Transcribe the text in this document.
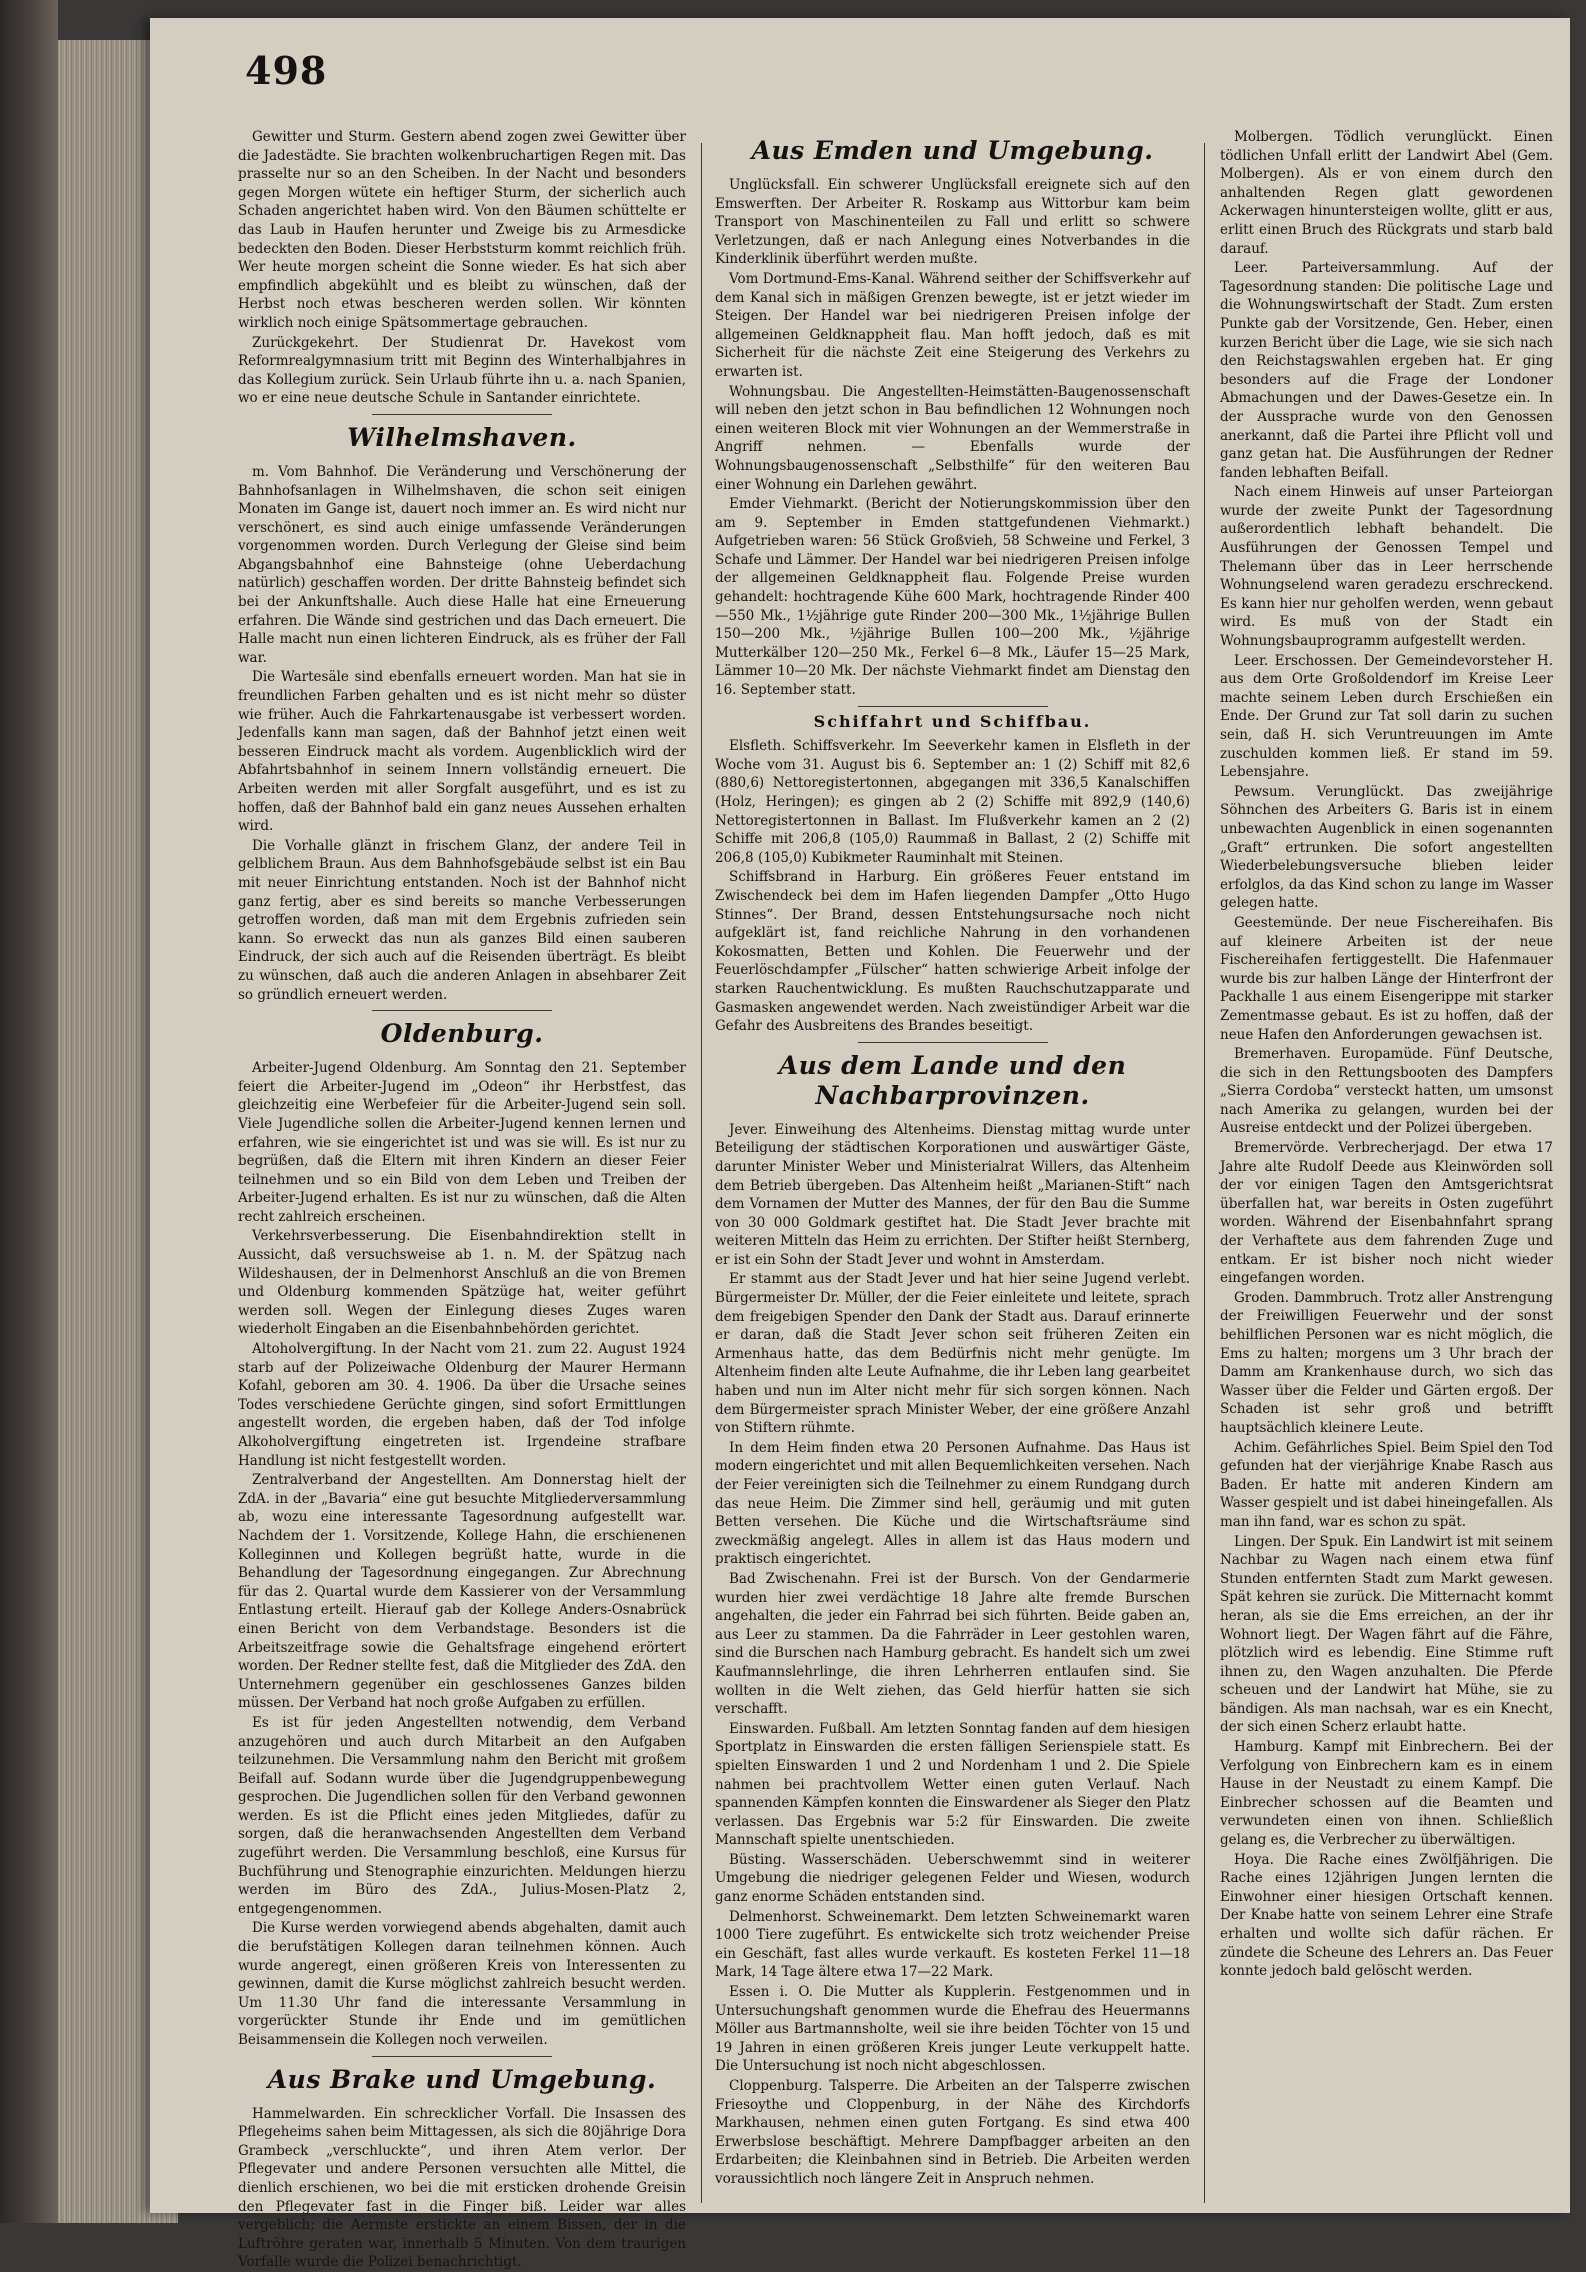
498

Gewitter und Sturm. Gestern abend zogen zwei Gewitter über die Jadestädte. Sie brachten wolkenbruchartigen Regen mit. Das prasselte nur so an den Scheiben. In der Nacht und besonders gegen Morgen wütete ein heftiger Sturm, der sicherlich auch Schaden angerichtet haben wird. Von den Bäumen schüttelte er das Laub in Haufen herunter und Zweige bis zu Armesdicke bedeckten den Boden. Dieser Herbststurm kommt reichlich früh. Wer heute morgen scheint die Sonne wieder. Es hat sich aber empfindlich abgekühlt und es bleibt zu wünschen, daß der Herbst noch etwas bescheren werden sollen. Wir könnten wirklich noch einige Spätsommertage gebrauchen.

Zurückgekehrt. Der Studienrat Dr. Havekost vom Reformrealgymnasium tritt mit Beginn des Winterhalbjahres in das Kollegium zurück. Sein Urlaub führte ihn u. a. nach Spanien, wo er eine neue deutsche Schule in Santander einrichtete.

Wilhelmshaven.

m. Vom Bahnhof. Die Veränderung und Verschönerung der Bahnhofsanlagen in Wilhelmshaven, die schon seit einigen Monaten im Gange ist, dauert noch immer an. Es wird nicht nur verschönert, es sind auch einige umfassende Veränderungen vorgenommen worden. Durch Verlegung der Gleise sind beim Abgangsbahnhof eine Bahnsteige (ohne Ueberdachung natürlich) geschaffen worden. Der dritte Bahnsteig befindet sich bei der Ankunftshalle. Auch diese Halle hat eine Erneuerung erfahren. Die Wände sind gestrichen und das Dach erneuert. Die Halle macht nun einen lichteren Eindruck, als es früher der Fall war.

Die Wartesäle sind ebenfalls erneuert worden. Man hat sie in freundlichen Farben gehalten und es ist nicht mehr so düster wie früher. Auch die Fahrkartenausgabe ist verbessert worden. Jedenfalls kann man sagen, daß der Bahnhof jetzt einen weit besseren Eindruck macht als vordem. Augenblicklich wird der Abfahrtsbahnhof in seinem Innern vollständig erneuert. Die Arbeiten werden mit aller Sorgfalt ausgeführt, und es ist zu hoffen, daß der Bahnhof bald ein ganz neues Aussehen erhalten wird.

Die Vorhalle glänzt in frischem Glanz, der andere Teil in gelblichem Braun. Aus dem Bahnhofsgebäude selbst ist ein Bau mit neuer Einrichtung entstanden. Noch ist der Bahnhof nicht ganz fertig, aber es sind bereits so manche Verbesserungen getroffen worden, daß man mit dem Ergebnis zufrieden sein kann. So erweckt das nun als ganzes Bild einen sauberen Eindruck, der sich auch auf die Reisenden überträgt. Es bleibt zu wünschen, daß auch die anderen Anlagen in absehbarer Zeit so gründlich erneuert werden.

Oldenburg.

Arbeiter-Jugend Oldenburg. Am Sonntag den 21. September feiert die Arbeiter-Jugend im „Odeon“ ihr Herbstfest, das gleichzeitig eine Werbefeier für die Arbeiter-Jugend sein soll. Viele Jugendliche sollen die Arbeiter-Jugend kennen lernen und erfahren, wie sie eingerichtet ist und was sie will. Es ist nur zu begrüßen, daß die Eltern mit ihren Kindern an dieser Feier teilnehmen und so ein Bild von dem Leben und Treiben der Arbeiter-Jugend erhalten. Es ist nur zu wünschen, daß die Alten recht zahlreich erscheinen.

Verkehrsverbesserung. Die Eisenbahndirektion stellt in Aussicht, daß versuchsweise ab 1. n. M. der Spätzug nach Wildeshausen, der in Delmenhorst Anschluß an die von Bremen und Oldenburg kommenden Spätzüge hat, weiter geführt werden soll. Wegen der Einlegung dieses Zuges waren wiederholt Eingaben an die Eisenbahnbehörden gerichtet.

Altoholvergiftung. In der Nacht vom 21. zum 22. August 1924 starb auf der Polizeiwache Oldenburg der Maurer Hermann Kofahl, geboren am 30. 4. 1906. Da über die Ursache seines Todes verschiedene Gerüchte gingen, sind sofort Ermittlungen angestellt worden, die ergeben haben, daß der Tod infolge Alkoholvergiftung eingetreten ist. Irgendeine strafbare Handlung ist nicht festgestellt worden.

Zentralverband der Angestellten. Am Donnerstag hielt der ZdA. in der „Bavaria“ eine gut besuchte Mitgliederversammlung ab, wozu eine interessante Tagesordnung aufgestellt war. Nachdem der 1. Vorsitzende, Kollege Hahn, die erschienenen Kolleginnen und Kollegen begrüßt hatte, wurde in die Behandlung der Tagesordnung eingegangen. Zur Abrechnung für das 2. Quartal wurde dem Kassierer von der Versammlung Entlastung erteilt. Hierauf gab der Kollege Anders-Osnabrück einen Bericht von dem Verbandstage. Besonders ist die Arbeitszeitfrage sowie die Gehaltsfrage eingehend erörtert worden. Der Redner stellte fest, daß die Mitglieder des ZdA. den Unternehmern gegenüber ein geschlossenes Ganzes bilden müssen. Der Verband hat noch große Aufgaben zu erfüllen.

Es ist für jeden Angestellten notwendig, dem Verband anzugehören und auch durch Mitarbeit an den Aufgaben teilzunehmen. Die Versammlung nahm den Bericht mit großem Beifall auf. Sodann wurde über die Jugendgruppenbewegung gesprochen. Die Jugendlichen sollen für den Verband gewonnen werden. Es ist die Pflicht eines jeden Mitgliedes, dafür zu sorgen, daß die heranwachsenden Angestellten dem Verband zugeführt werden. Die Versammlung beschloß, eine Kursus für Buchführung und Stenographie einzurichten. Meldungen hierzu werden im Büro des ZdA., Julius-Mosen-Platz 2, entgegengenommen.

Die Kurse werden vorwiegend abends abgehalten, damit auch die berufstätigen Kollegen daran teilnehmen können. Auch wurde angeregt, einen größeren Kreis von Interessenten zu gewinnen, damit die Kurse möglichst zahlreich besucht werden. Um 11.30 Uhr fand die interessante Versammlung in vorgerückter Stunde ihr Ende und im gemütlichen Beisammensein die Kollegen noch verweilen.

Aus Brake und Umgebung.

Hammelwarden. Ein schrecklicher Vorfall. Die Insassen des Pflegeheims sahen beim Mittagessen, als sich die 80jährige Dora Grambeck „verschluckte“, und ihren Atem verlor. Der Pflegevater und andere Personen versuchten alle Mittel, die dienlich erschienen, wo bei die mit ersticken drohende Greisin den Pflegevater fast in die Finger biß. Leider war alles vergeblich; die Aermste erstickte an einem Bissen, der in die Luftröhre geraten war, innerhalb 5 Minuten. Von dem traurigen Vorfalle wurde die Polizei benachrichtigt.

Aus Emden und Umgebung.

Unglücksfall. Ein schwerer Unglücksfall ereignete sich auf den Emswerften. Der Arbeiter R. Roskamp aus Wittorbur kam beim Transport von Maschinenteilen zu Fall und erlitt so schwere Verletzungen, daß er nach Anlegung eines Notverbandes in die Kinderklinik überführt werden mußte.

Vom Dortmund-Ems-Kanal. Während seither der Schiffsverkehr auf dem Kanal sich in mäßigen Grenzen bewegte, ist er jetzt wieder im Steigen. Der Handel war bei niedrigeren Preisen infolge der allgemeinen Geldknappheit flau. Man hofft jedoch, daß es mit Sicherheit für die nächste Zeit eine Steigerung des Verkehrs zu erwarten ist.

Wohnungsbau. Die Angestellten-Heimstätten-Baugenossenschaft will neben den jetzt schon in Bau befindlichen 12 Wohnungen noch einen weiteren Block mit vier Wohnungen an der Wemmerstraße in Angriff nehmen. — Ebenfalls wurde der Wohnungsbaugenossenschaft „Selbsthilfe“ für den weiteren Bau einer Wohnung ein Darlehen gewährt.

Emder Viehmarkt. (Bericht der Notierungskommission über den am 9. September in Emden stattgefundenen Viehmarkt.) Aufgetrieben waren: 56 Stück Großvieh, 58 Schweine und Ferkel, 3 Schafe und Lämmer. Der Handel war bei niedrigeren Preisen infolge der allgemeinen Geldknappheit flau. Folgende Preise wurden gehandelt: hochtragende Kühe 600 Mark, hochtragende Rinder 400—550 Mk., 1½jährige gute Rinder 200—300 Mk., 1½jährige Bullen 150—200 Mk., ½jährige Bullen 100—200 Mk., ½jährige Mutterkälber 120—250 Mk., Ferkel 6—8 Mk., Läufer 15—25 Mark, Lämmer 10—20 Mk. Der nächste Viehmarkt findet am Dienstag den 16. September statt.

Schiffahrt und Schiffbau.

Elsfleth. Schiffsverkehr. Im Seeverkehr kamen in Elsfleth in der Woche vom 31. August bis 6. September an: 1 (2) Schiff mit 82,6 (880,6) Nettoregistertonnen, abgegangen mit 336,5 Kanalschiffen (Holz, Heringen); es gingen ab 2 (2) Schiffe mit 892,9 (140,6) Nettoregistertonnen in Ballast. Im Flußverkehr kamen an 2 (2) Schiffe mit 206,8 (105,0) Raummaß in Ballast, 2 (2) Schiffe mit 206,8 (105,0) Kubikmeter Rauminhalt mit Steinen.

Schiffsbrand in Harburg. Ein größeres Feuer entstand im Zwischendeck bei dem im Hafen liegenden Dampfer „Otto Hugo Stinnes“. Der Brand, dessen Entstehungsursache noch nicht aufgeklärt ist, fand reichliche Nahrung in den vorhandenen Kokosmatten, Betten und Kohlen. Die Feuerwehr und der Feuerlöschdampfer „Fülscher“ hatten schwierige Arbeit infolge der starken Rauchentwicklung. Es mußten Rauchschutzapparate und Gasmasken angewendet werden. Nach zweistündiger Arbeit war die Gefahr des Ausbreitens des Brandes beseitigt.

Aus dem Lande und den Nachbarprovinzen.

Jever. Einweihung des Altenheims. Dienstag mittag wurde unter Beteiligung der städtischen Korporationen und auswärtiger Gäste, darunter Minister Weber und Ministerialrat Willers, das Altenheim dem Betrieb übergeben. Das Altenheim heißt „Marianen-Stift“ nach dem Vornamen der Mutter des Mannes, der für den Bau die Summe von 30 000 Goldmark gestiftet hat. Die Stadt Jever brachte mit weiteren Mitteln das Heim zu errichten. Der Stifter heißt Sternberg, er ist ein Sohn der Stadt Jever und wohnt in Amsterdam.

Er stammt aus der Stadt Jever und hat hier seine Jugend verlebt. Bürgermeister Dr. Müller, der die Feier einleitete und leitete, sprach dem freigebigen Spender den Dank der Stadt aus. Darauf erinnerte er daran, daß die Stadt Jever schon seit früheren Zeiten ein Armenhaus hatte, das dem Bedürfnis nicht mehr genügte. Im Altenheim finden alte Leute Aufnahme, die ihr Leben lang gearbeitet haben und nun im Alter nicht mehr für sich sorgen können. Nach dem Bürgermeister sprach Minister Weber, der eine größere Anzahl von Stiftern rühmte.

In dem Heim finden etwa 20 Personen Aufnahme. Das Haus ist modern eingerichtet und mit allen Bequemlichkeiten versehen. Nach der Feier vereinigten sich die Teilnehmer zu einem Rundgang durch das neue Heim. Die Zimmer sind hell, geräumig und mit guten Betten versehen. Die Küche und die Wirtschaftsräume sind zweckmäßig angelegt. Alles in allem ist das Haus modern und praktisch eingerichtet.

Bad Zwischenahn. Frei ist der Bursch. Von der Gendarmerie wurden hier zwei verdächtige 18 Jahre alte fremde Burschen angehalten, die jeder ein Fahrrad bei sich führten. Beide gaben an, aus Leer zu stammen. Da die Fahrräder in Leer gestohlen waren, sind die Burschen nach Hamburg gebracht. Es handelt sich um zwei Kaufmannslehrlinge, die ihren Lehrherren entlaufen sind. Sie wollten in die Welt ziehen, das Geld hierfür hatten sie sich verschafft.

Einswarden. Fußball. Am letzten Sonntag fanden auf dem hiesigen Sportplatz in Einswarden die ersten fälligen Serienspiele statt. Es spielten Einswarden 1 und 2 und Nordenham 1 und 2. Die Spiele nahmen bei prachtvollem Wetter einen guten Verlauf. Nach spannenden Kämpfen konnten die Einswardener als Sieger den Platz verlassen. Das Ergebnis war 5:2 für Einswarden. Die zweite Mannschaft spielte unentschieden.

Büsting. Wasserschäden. Ueberschwemmt sind in weiterer Umgebung die niedriger gelegenen Felder und Wiesen, wodurch ganz enorme Schäden entstanden sind.

Delmenhorst. Schweinemarkt. Dem letzten Schweinemarkt waren 1000 Tiere zugeführt. Es entwickelte sich trotz weichender Preise ein Geschäft, fast alles wurde verkauft. Es kosteten Ferkel 11—18 Mark, 14 Tage ältere etwa 17—22 Mark.

Essen i. O. Die Mutter als Kupplerin. Festgenommen und in Untersuchungshaft genommen wurde die Ehefrau des Heuermanns Möller aus Bartmannsholte, weil sie ihre beiden Töchter von 15 und 19 Jahren in einen größeren Kreis junger Leute verkuppelt hatte. Die Untersuchung ist noch nicht abgeschlossen.

Cloppenburg. Talsperre. Die Arbeiten an der Talsperre zwischen Friesoythe und Cloppenburg, in der Nähe des Kirchdorfs Markhausen, nehmen einen guten Fortgang. Es sind etwa 400 Erwerbslose beschäftigt. Mehrere Dampfbagger arbeiten an den Erdarbeiten; die Kleinbahnen sind in Betrieb. Die Arbeiten werden voraussichtlich noch längere Zeit in Anspruch nehmen.

Molbergen. Tödlich verunglückt. Einen tödlichen Unfall erlitt der Landwirt Abel (Gem. Molbergen). Als er von einem durch den anhaltenden Regen glatt gewordenen Ackerwagen hinuntersteigen wollte, glitt er aus, erlitt einen Bruch des Rückgrats und starb bald darauf.

Leer. Parteiversammlung. Auf der Tagesordnung standen: Die politische Lage und die Wohnungswirtschaft der Stadt. Zum ersten Punkte gab der Vorsitzende, Gen. Heber, einen kurzen Bericht über die Lage, wie sie sich nach den Reichstagswahlen ergeben hat. Er ging besonders auf die Frage der Londoner Abmachungen und der Dawes-Gesetze ein. In der Aussprache wurde von den Genossen anerkannt, daß die Partei ihre Pflicht voll und ganz getan hat. Die Ausführungen der Redner fanden lebhaften Beifall.

Nach einem Hinweis auf unser Parteiorgan wurde der zweite Punkt der Tagesordnung außerordentlich lebhaft behandelt. Die Ausführungen der Genossen Tempel und Thelemann über das in Leer herrschende Wohnungselend waren geradezu erschreckend. Es kann hier nur geholfen werden, wenn gebaut wird. Es muß von der Stadt ein Wohnungsbauprogramm aufgestellt werden.

Leer. Erschossen. Der Gemeindevorsteher H. aus dem Orte Großoldendorf im Kreise Leer machte seinem Leben durch Erschießen ein Ende. Der Grund zur Tat soll darin zu suchen sein, daß H. sich Veruntreuungen im Amte zuschulden kommen ließ. Er stand im 59. Lebensjahre.

Pewsum. Verunglückt. Das zweijährige Söhnchen des Arbeiters G. Baris ist in einem unbewachten Augenblick in einen sogenannten „Graft“ ertrunken. Die sofort angestellten Wiederbelebungsversuche blieben leider erfolglos, da das Kind schon zu lange im Wasser gelegen hatte.

Geestemünde. Der neue Fischereihafen. Bis auf kleinere Arbeiten ist der neue Fischereihafen fertiggestellt. Die Hafenmauer wurde bis zur halben Länge der Hinterfront der Packhalle 1 aus einem Eisengerippe mit starker Zementmasse gebaut. Es ist zu hoffen, daß der neue Hafen den Anforderungen gewachsen ist.

Bremerhaven. Europamüde. Fünf Deutsche, die sich in den Rettungsbooten des Dampfers „Sierra Cordoba“ versteckt hatten, um umsonst nach Amerika zu gelangen, wurden bei der Ausreise entdeckt und der Polizei übergeben.

Bremervörde. Verbrecherjagd. Der etwa 17 Jahre alte Rudolf Deede aus Kleinwörden soll der vor einigen Tagen den Amtsgerichtsrat überfallen hat, war bereits in Osten zugeführt worden. Während der Eisenbahnfahrt sprang der Verhaftete aus dem fahrenden Zuge und entkam. Er ist bisher noch nicht wieder eingefangen worden.

Groden. Dammbruch. Trotz aller Anstrengung der Freiwilligen Feuerwehr und der sonst behilflichen Personen war es nicht möglich, die Ems zu halten; morgens um 3 Uhr brach der Damm am Krankenhause durch, wo sich das Wasser über die Felder und Gärten ergoß. Der Schaden ist sehr groß und betrifft hauptsächlich kleinere Leute.

Achim. Gefährliches Spiel. Beim Spiel den Tod gefunden hat der vierjährige Knabe Rasch aus Baden. Er hatte mit anderen Kindern am Wasser gespielt und ist dabei hineingefallen. Als man ihn fand, war es schon zu spät.

Lingen. Der Spuk. Ein Landwirt ist mit seinem Nachbar zu Wagen nach einem etwa fünf Stunden entfernten Stadt zum Markt gewesen. Spät kehren sie zurück. Die Mitternacht kommt heran, als sie die Ems erreichen, an der ihr Wohnort liegt. Der Wagen fährt auf die Fähre, plötzlich wird es lebendig. Eine Stimme ruft ihnen zu, den Wagen anzuhalten. Die Pferde scheuen und der Landwirt hat Mühe, sie zu bändigen. Als man nachsah, war es ein Knecht, der sich einen Scherz erlaubt hatte.

Hamburg. Kampf mit Einbrechern. Bei der Verfolgung von Einbrechern kam es in einem Hause in der Neustadt zu einem Kampf. Die Einbrecher schossen auf die Beamten und verwundeten einen von ihnen. Schließlich gelang es, die Verbrecher zu überwältigen.

Hoya. Die Rache eines Zwölfjährigen. Die Rache eines 12jährigen Jungen lernten die Einwohner einer hiesigen Ortschaft kennen. Der Knabe hatte von seinem Lehrer eine Strafe erhalten und wollte sich dafür rächen. Er zündete die Scheune des Lehrers an. Das Feuer konnte jedoch bald gelöscht werden.
